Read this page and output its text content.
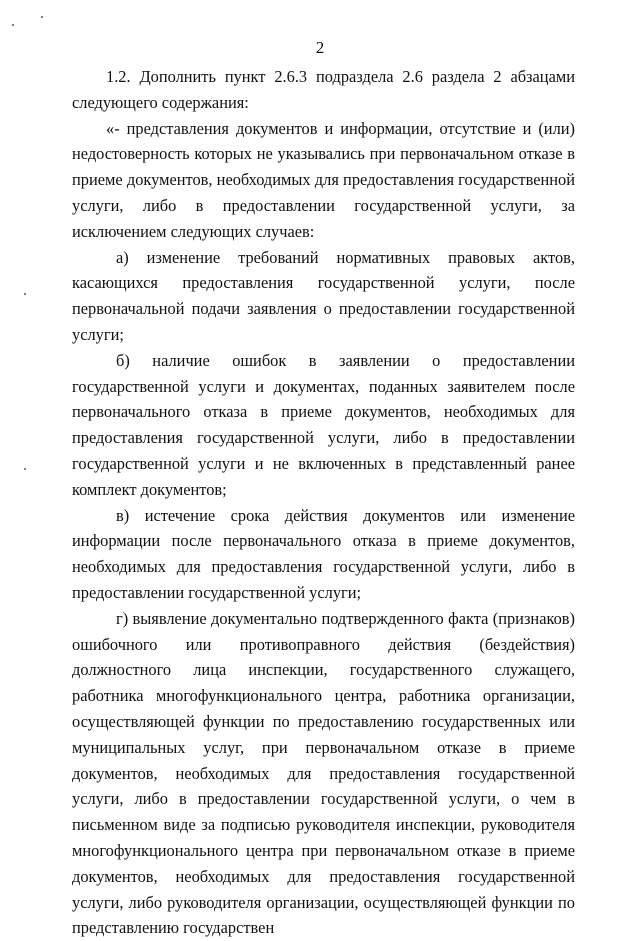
2

1.2. Дополнить пункт 2.6.3 подраздела 2.6 раздела 2 абзацами следующего содержания:

«- представления документов и информации, отсутствие и (или) недостоверность которых не указывались при первоначальном отказе в приеме документов, необходимых для предоставления государственной услуги, либо в предоставлении государственной услуги, за исключением следующих случаев:

а) изменение требований нормативных правовых актов, касающихся предоставления государственной услуги, после первоначальной подачи заявления о предоставлении государственной услуги;

б) наличие ошибок в заявлении о предоставлении государственной услуги и документах, поданных заявителем после первоначального отказа в приеме документов, необходимых для предоставления государственной услуги, либо в предоставлении государственной услуги и не включенных в представленный ранее комплект документов;

в) истечение срока действия документов или изменение информации после первоначального отказа в приеме документов, необходимых для предоставления государственной услуги, либо в предоставлении государственной услуги;

г) выявление документально подтвержденного факта (признаков) ошибочного или противоправного действия (бездействия) должностного лица инспекции, государственного служащего, работника многофункционального центра, работника организации, осуществляющей функции по предоставлению государственных или муниципальных услуг, при первоначальном отказе в приеме документов, необходимых для предоставления государственной услуги, либо в предоставлении государственной услуги, о чем в письменном виде за подписью руководителя инспекции, руководителя многофункционального центра при первоначальном отказе в приеме документов, необходимых для предоставления государственной услуги, либо руководителя организации, осуществляющей функции по представлению государствен
